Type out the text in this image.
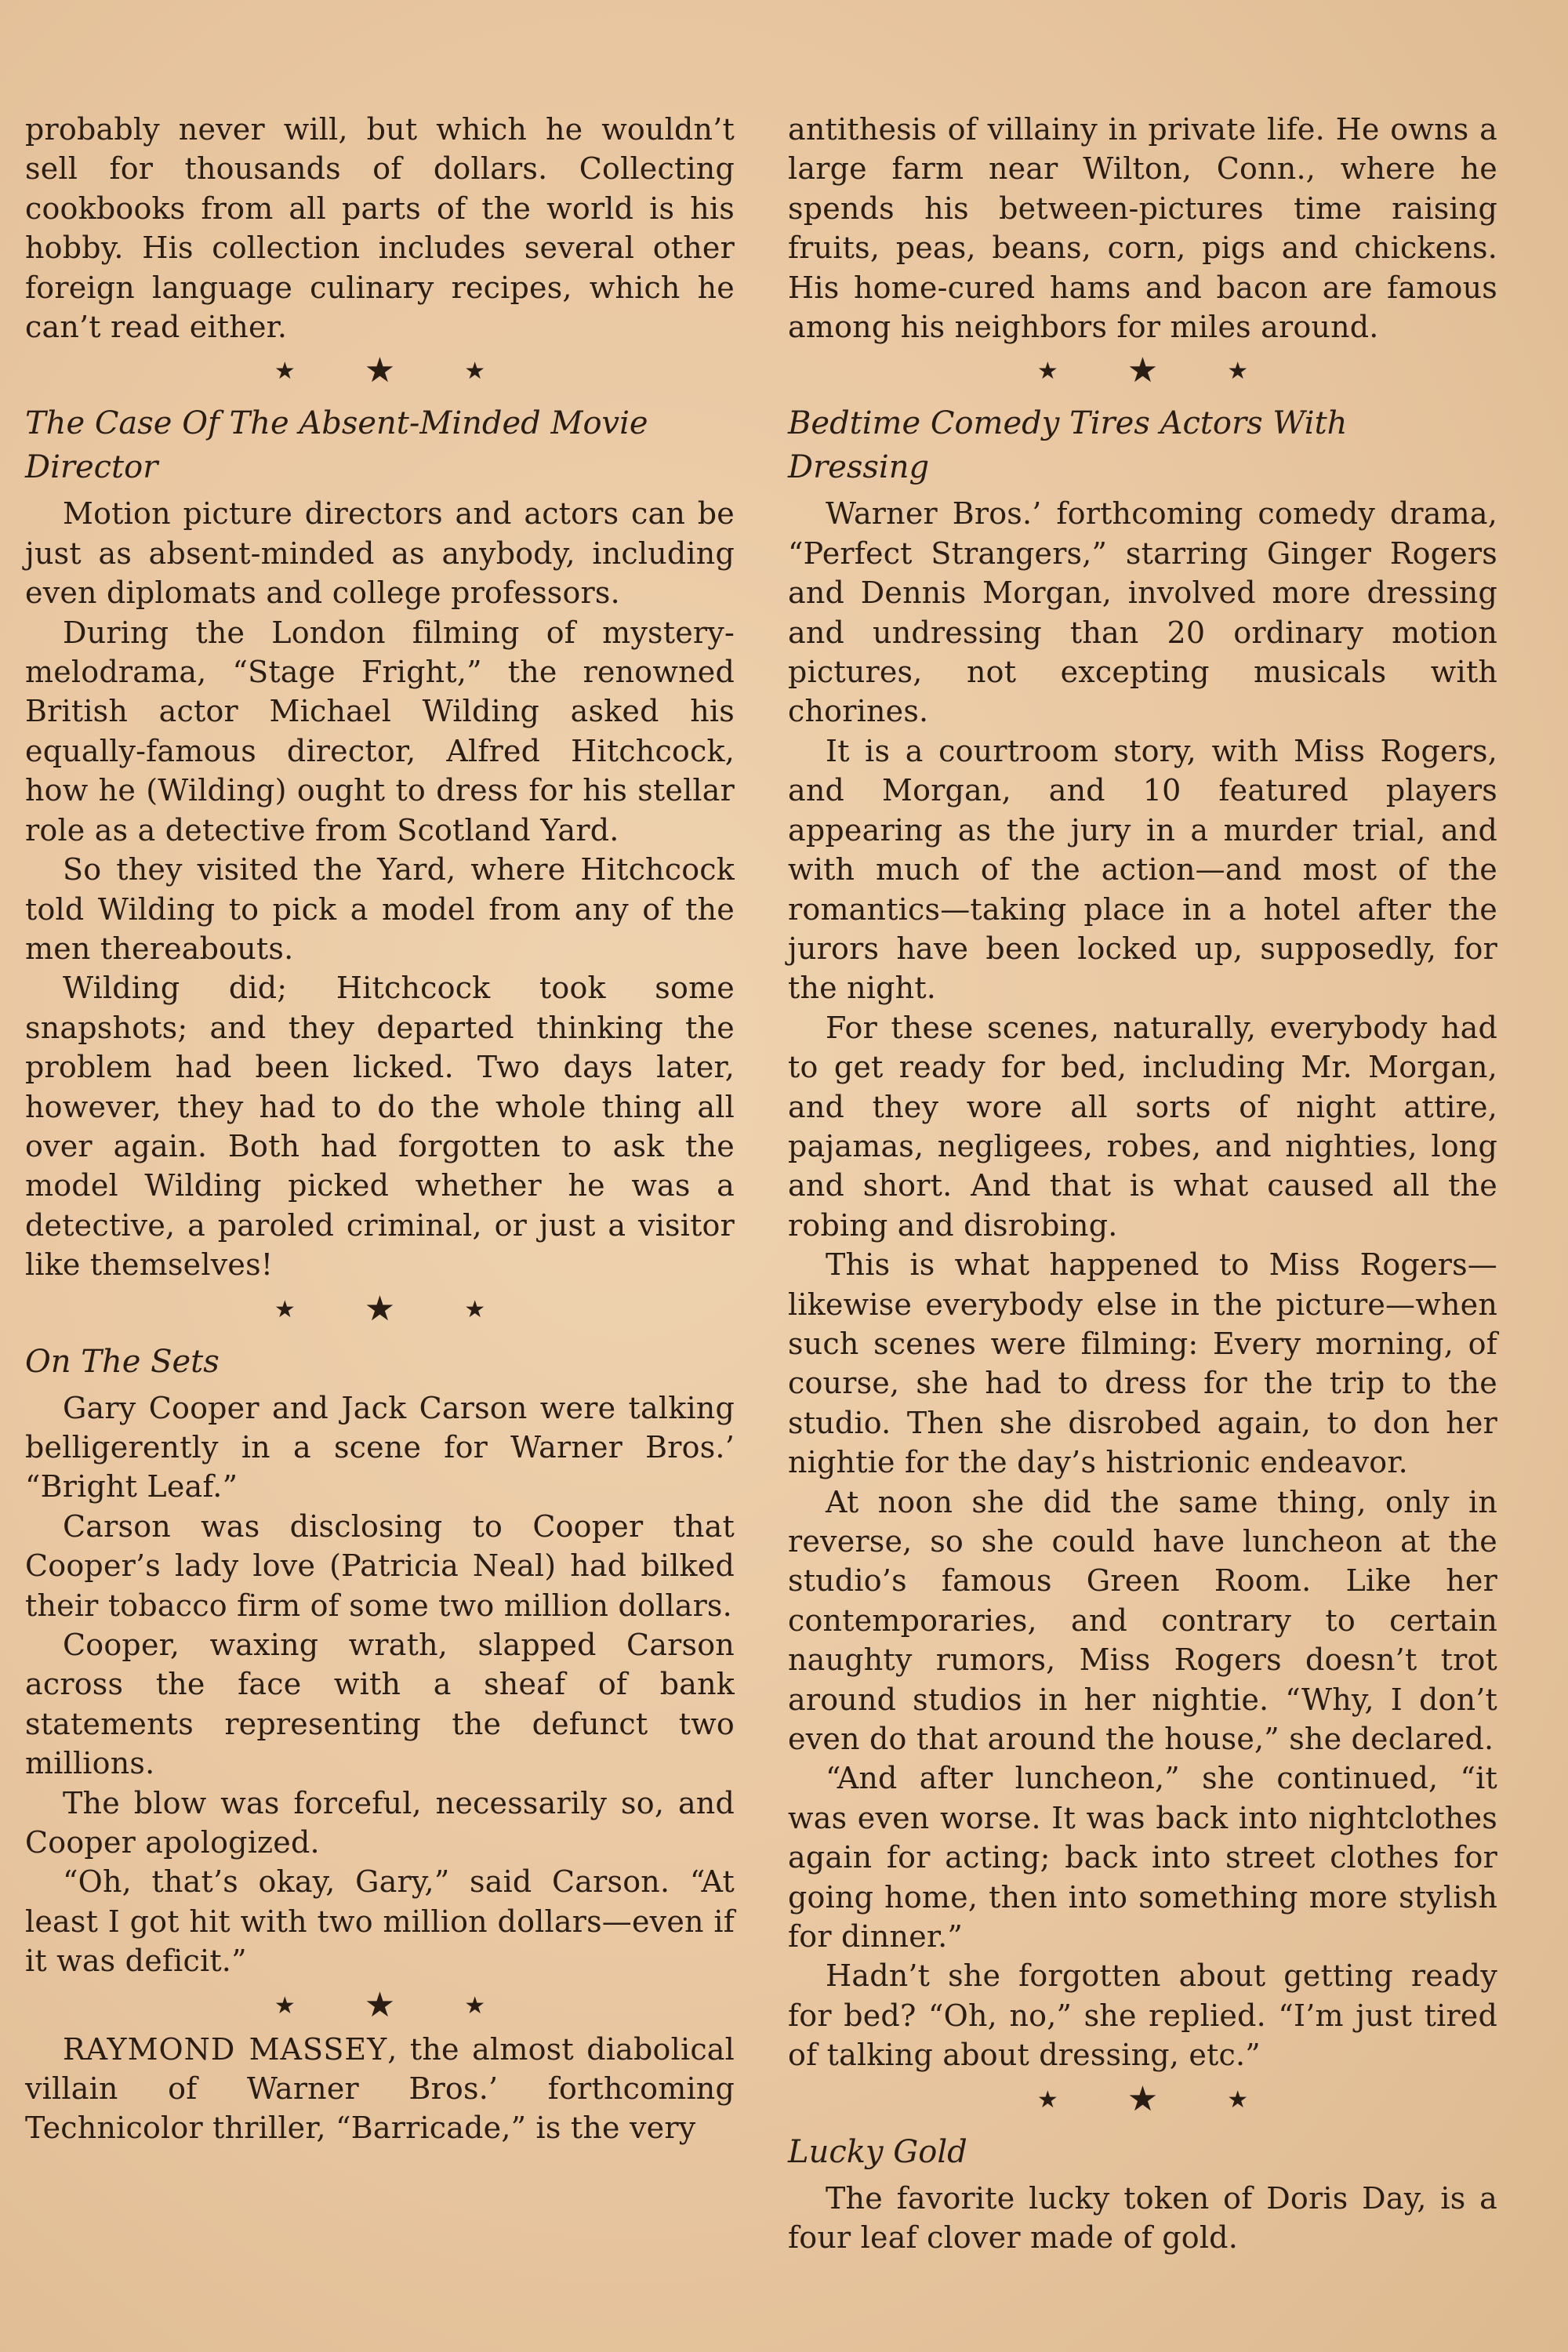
probably never will, but which he wouldn’t sell for thousands of dollars. Collecting cookbooks from all parts of the world is his hobby. His collection includes several other foreign language culinary recipes, which he can’t read either.

★ ★	★
The Case Of The Absent-Minded Movie Director

Motion picture directors and actors can be just as absent-minded as anybody, including even diplomats and college professors.

During the London filming of mystery-melodrama, “Stage Fright,” the renowned British actor Michael Wilding asked his equally-famous director, Alfred Hitchcock, how he (Wilding) ought to dress for his stellar role as a detective from Scotland Yard.

So they visited the Yard, where Hitchcock told Wilding to pick a model from any of the men thereabouts.

Wilding did; Hitchcock took some snapshots; and they departed thinking the problem had been licked. Two days later, however, they had to do the whole thing all over again. Both had forgotten to ask the model Wilding picked whether he was a detective, a paroled criminal, or just a visitor like themselves!

★ ★	★
On The Sets

Gary Cooper and Jack Carson were talking belligerently in a scene for Warner Bros.’ “Bright Leaf.”

Carson was disclosing to Cooper that Cooper’s lady love (Patricia Neal) had bilked their tobacco firm of some two million dollars.

Cooper, waxing wrath, slapped Carson across the face with a sheaf of bank statements representing the defunct two millions.

The blow was forceful, necessarily so, and Cooper apologized.

“Oh, that’s okay, Gary,” said Carson. “At least I got hit with two million dollars—even if it was deficit.”

★ ★	★

RAYMOND MASSEY, the almost diabolical villain of Warner Bros.’ forthcoming Technicolor thriller, “Barricade,” is the very

antithesis of villainy in private life. He owns a large farm near Wilton, Conn., where he spends his between-pictures time raising fruits, peas, beans, corn, pigs and chickens. His home-cured hams and bacon are famous among his neighbors for miles around.

★ ★	★
Bedtime Comedy Tires Actors With Dressing

Warner Bros.’ forthcoming comedy drama, “Perfect Strangers,” starring Ginger Rogers and Dennis Morgan, involved more dressing and undressing than 20 ordinary motion pictures, not excepting musicals with chorines.

It is a courtroom story, with Miss Rogers, and Morgan, and 10 featured players appearing as the jury in a murder trial, and with much of the action—and most of the romantics—taking place in a hotel after the jurors have been locked up, supposedly, for the night.

For these scenes, naturally, everybody had to get ready for bed, including Mr. Morgan, and they wore all sorts of night attire, pajamas, negligees, robes, and nighties, long and short. And that is what caused all the robing and disrobing.

This is what happened to Miss Rogers—likewise everybody else in the picture—when such scenes were filming: Every morning, of course, she had to dress for the trip to the studio. Then she disrobed again, to don her nightie for the day’s histrionic endeavor.

At noon she did the same thing, only in reverse, so she could have luncheon at the studio’s famous Green Room. Like her contemporaries, and contrary to certain naughty rumors, Miss Rogers doesn’t trot around studios in her nightie. “Why, I don’t even do that around the house,” she declared.

“And after luncheon,” she continued, “it was even worse. It was back into nightclothes again for acting; back into street clothes for going home, then into something more stylish for dinner.”

Hadn’t she forgotten about getting ready for bed? “Oh, no,” she replied. “I’m just tired of talking about dressing, etc.”

★ ★	★
Lucky Gold

The favorite lucky token of Doris Day, is a four leaf clover made of gold.
